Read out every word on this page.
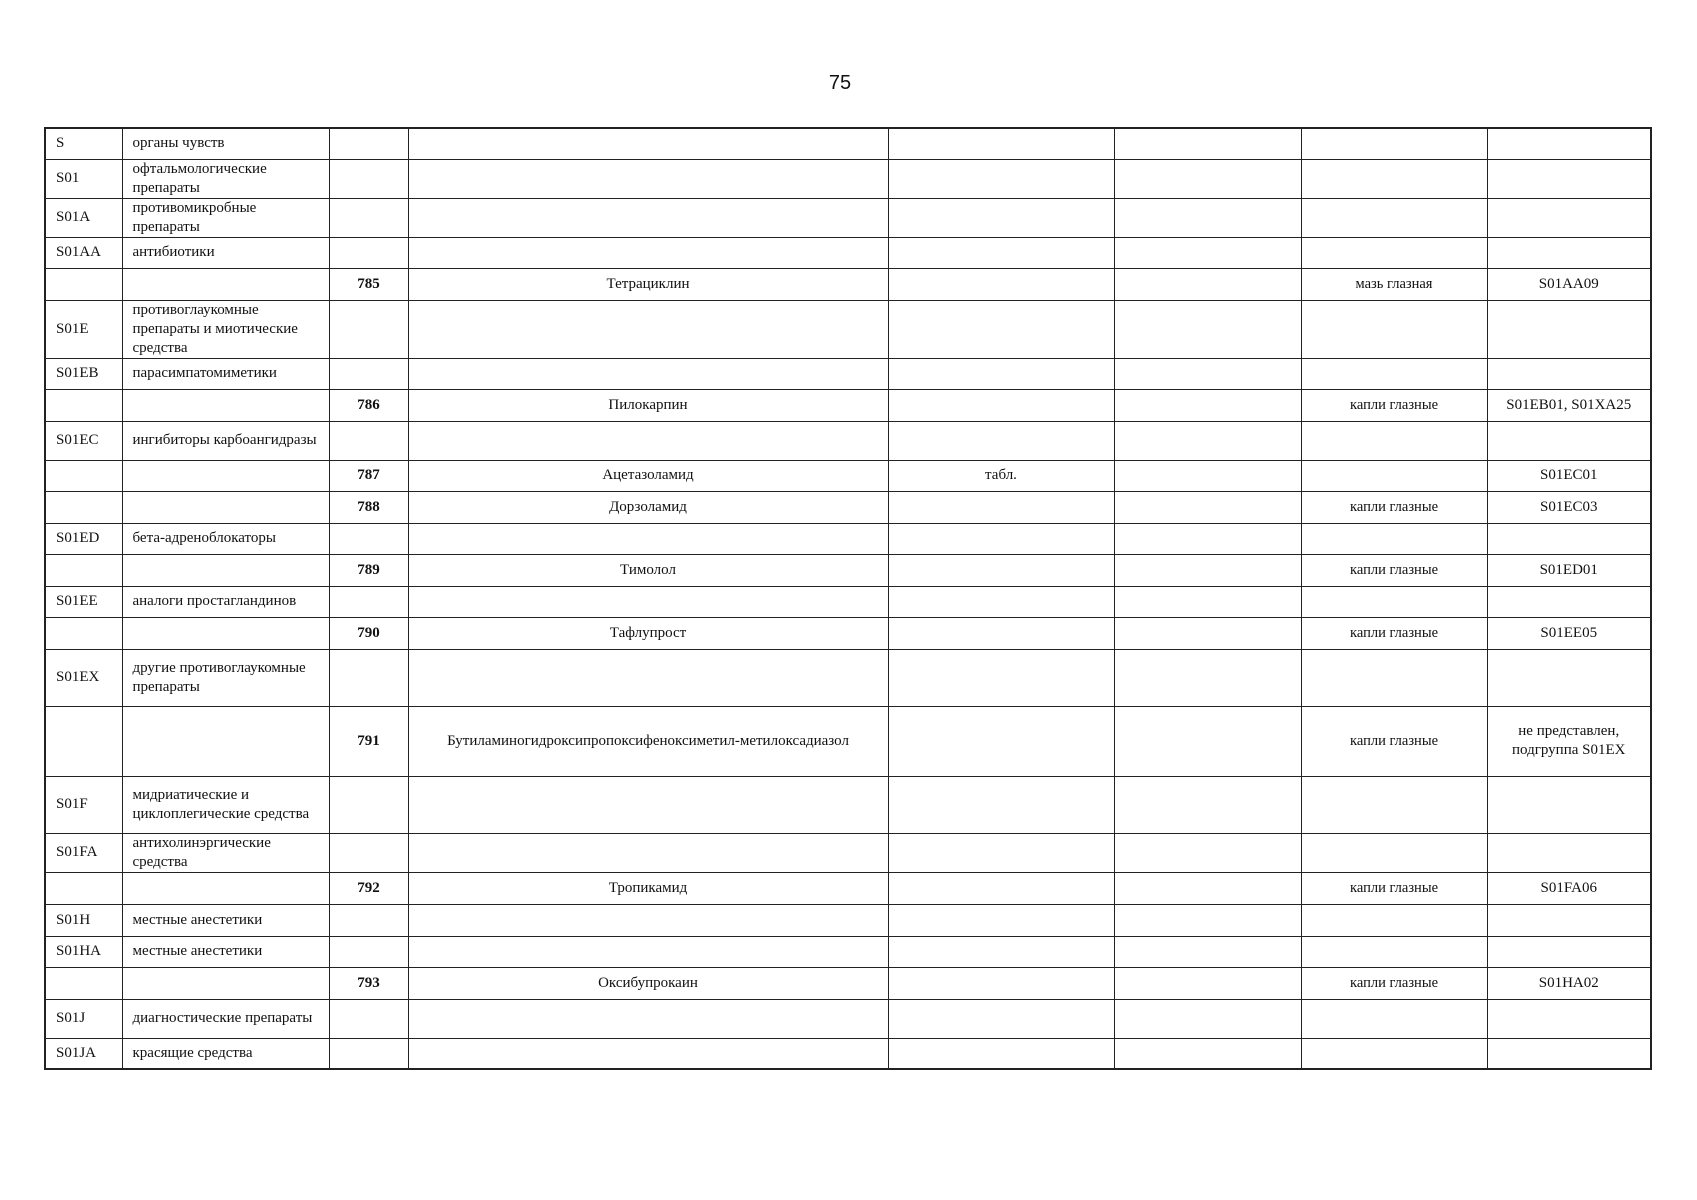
75
S	органы чувств						
S01	офтальмологические препараты						
S01A	противомикробные препараты						
S01AA	антибиотики						
		785	Тетрациклин			мазь глазная	S01AA09
S01E	противоглаукомные препараты и миотические средства						
S01EB	парасимпатомиметики						
		786	Пилокарпин			капли глазные	S01EB01, S01XA25
S01EC	ингибиторы карбоангидразы						
		787	Ацетазоламид	табл.			S01EC01
		788	Дорзоламид			капли глазные	S01EC03
S01ED	бета-адреноблокаторы						
		789	Тимолол			капли глазные	S01ED01
S01EE	аналоги простагландинов						
		790	Тафлупрост			капли глазные	S01EE05
S01EX	другие противоглаукомные препараты						
		791	Бутиламиногидроксипропоксифеноксиметил-метилоксадиазол			капли глазные	не представлен, подгруппа S01EX
S01F	мидриатические и циклоплегические средства						
S01FA	антихолинэргические средства						
		792	Тропикамид			капли глазные	S01FA06
S01H	местные анестетики						
S01HA	местные анестетики						
		793	Оксибупрокаин			капли глазные	S01HA02
S01J	диагностические препараты						
S01JA	красящие средства						
